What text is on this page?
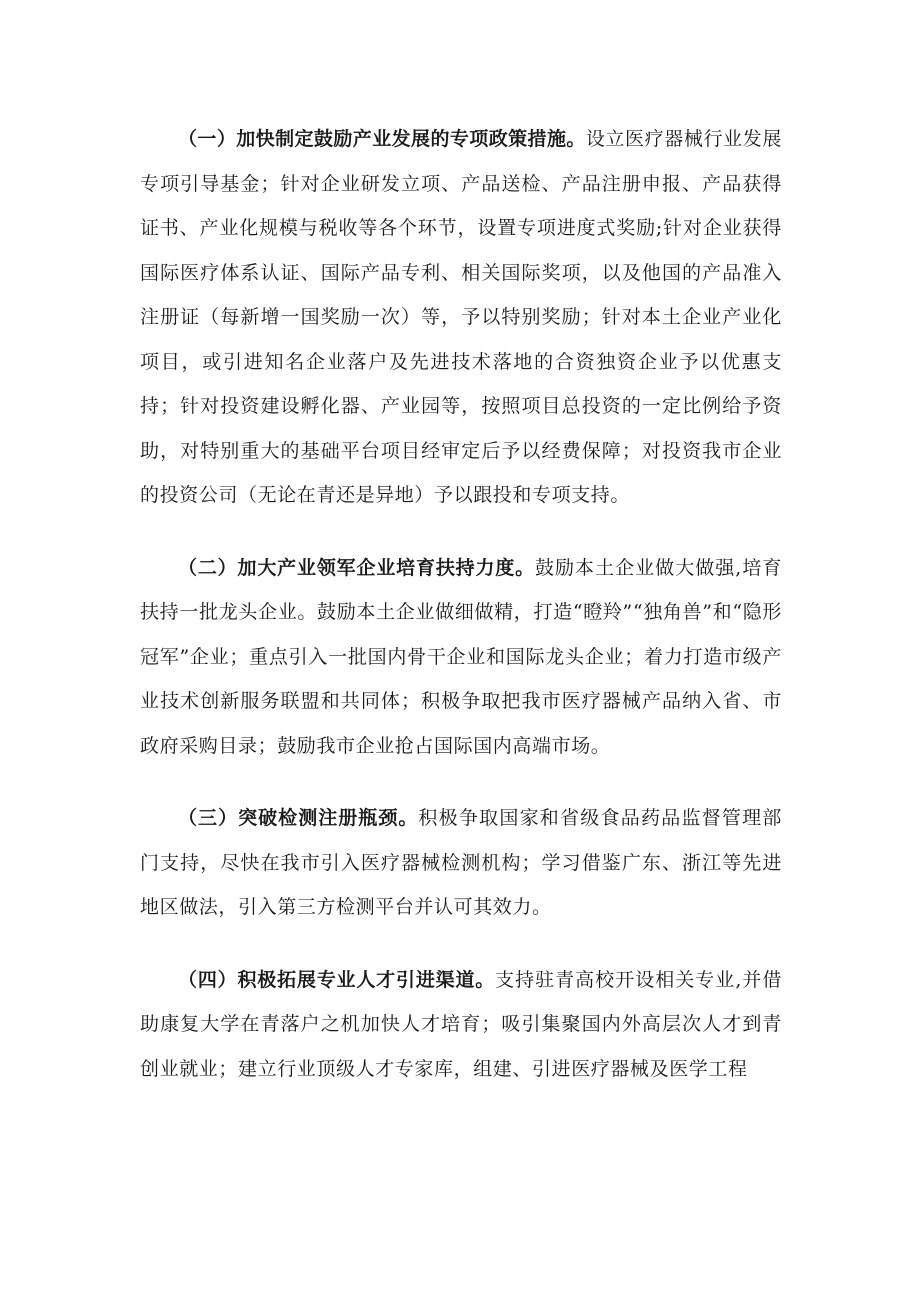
（一）加快制定鼓励产业发展的专项政策措施。设立医疗器械行业发展专项引导基金；针对企业研发立项、产品送检、产品注册申报、产品获得证书、产业化规模与税收等各个环节，设置专项进度式奖励;针对企业获得国际医疗体系认证、国际产品专利、相关国际奖项，以及他国的产品准入注册证（每新增一国奖励一次）等，予以特别奖励；针对本土企业产业化项目，或引进知名企业落户及先进技术落地的合资独资企业予以优惠支持；针对投资建设孵化器、产业园等，按照项目总投资的一定比例给予资助，对特别重大的基础平台项目经审定后予以经费保障；对投资我市企业的投资公司（无论在青还是异地）予以跟投和专项支持。

（二）加大产业领军企业培育扶持力度。鼓励本土企业做大做强,培育扶持一批龙头企业。鼓励本土企业做细做精，打造“瞪羚”“独角兽”和“隐形冠军”企业；重点引入一批国内骨干企业和国际龙头企业；着力打造市级产业技术创新服务联盟和共同体；积极争取把我市医疗器械产品纳入省、市政府采购目录；鼓励我市企业抢占国际国内高端市场。

（三）突破检测注册瓶颈。积极争取国家和省级食品药品监督管理部门支持，尽快在我市引入医疗器械检测机构；学习借鉴广东、浙江等先进地区做法，引入第三方检测平台并认可其效力。

（四）积极拓展专业人才引进渠道。支持驻青高校开设相关专业,并借助康复大学在青落户之机加快人才培育；吸引集聚国内外高层次人才到青创业就业；建立行业顶级人才专家库，组建、引进医疗器械及医学工程
